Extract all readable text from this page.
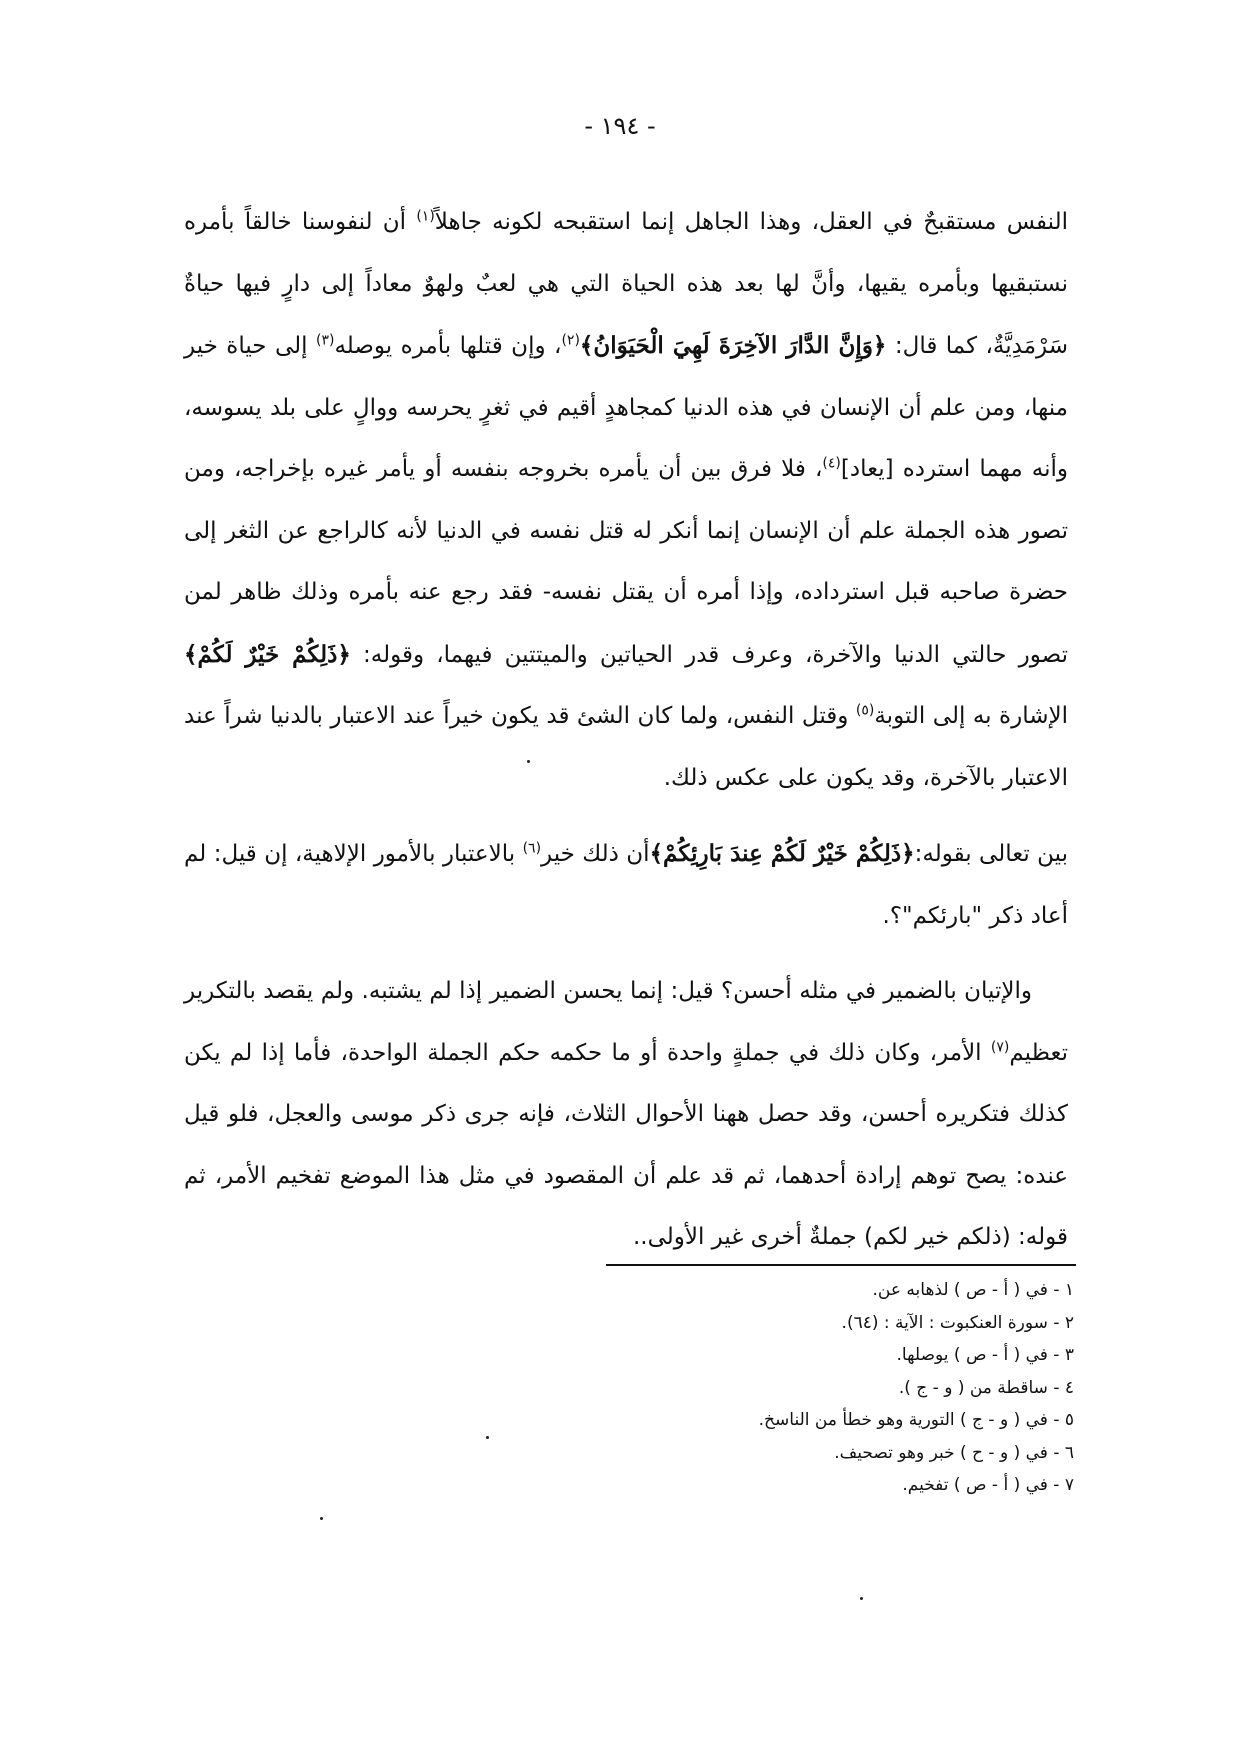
- ١٩٤ -

النفس مستقبحٌ في العقل، وهذا الجاهل إنما استقبحه لكونه جاهلاً$^{(١)}$ أن لنفوسنا خالقاً بأمره نستبقيها وبأمره يقيها، وأنَّ لها بعد هذه الحياة التي هي لعبٌ ولهوٌ معاداً إلى دارٍ فيها حياةٌ سَرْمَدِيَّةٌ، كما قال: ﴿وَإِنَّ الدَّارَ الآخِرَةَ لَهِيَ الْحَيَوَانُ﴾$^{(٢)}$، وإن قتلها بأمره يوصله$^{(٣)}$ إلى حياة خير منها، ومن علم أن الإنسان في هذه الدنيا كمجاهدٍ أقيم في ثغرٍ يحرسه ووالٍ على بلد يسوسه، وأنه مهما استرده [يعاد]$^{(٤)}$، فلا فرق بين أن يأمره بخروجه بنفسه أو يأمر غيره بإخراجه، ومن تصور هذه الجملة علم أن الإنسان إنما أنكر له قتل نفسه في الدنيا لأنه كالراجع عن الثغر إلى حضرة صاحبه قبل استرداده، وإذا أمره أن يقتل نفسه- فقد رجع عنه بأمره وذلك ظاهر لمن تصور حالتي الدنيا والآخرة، وعرف قدر الحياتين والميتتين فيهما، وقوله: ﴿ذَلِكُمْ خَيْرٌ لَكُمْ﴾ الإشارة به إلى التوبة$^{(٥)}$ وقتل النفس، ولما كان الشئ قد يكون خيراً عند الاعتبار بالدنيا شراً عند الاعتبار بالآخرة، وقد يكون على عكس ذلك.

بين تعالى بقوله:﴿ذَلِكُمْ خَيْرٌ لَكُمْ عِندَ بَارِئِكُمْ﴾أن ذلك خير$^{(٦)}$ بالاعتبار بالأمور الإلاهية، إن قيل: لم أعاد ذكر "بارئكم"؟.

والإتيان بالضمير في مثله أحسن؟ قيل: إنما يحسن الضمير إذا لم يشتبه. ولم يقصد بالتكرير تعظيم$^{(٧)}$ الأمر، وكان ذلك في جملةٍ واحدة أو ما حكمه حكم الجملة الواحدة، فأما إذا لم يكن كذلك فتكريره أحسن، وقد حصل ههنا الأحوال الثلاث، فإنه جرى ذكر موسى والعجل، فلو قيل عنده: يصح توهم إرادة أحدهما، ثم قد علم أن المقصود في مثل هذا الموضع تفخيم الأمر، ثم قوله: (ذلكم خير لكم) جملةٌ أخرى غير الأولى..

١ - في ( أ - ص ) لذهابه عن.
٢ - سورة العنكبوت : الآية : (٦٤).
٣ - في ( أ - ص ) يوصلها.
٤ - ساقطة من ( و - ج ).
٥ - في ( و - ج ) التورية وهو خطأ من الناسخ.
٦ - في ( و - ح ) خبر وهو تصحيف.
٧ - في ( أ - ص ) تفخيم.
